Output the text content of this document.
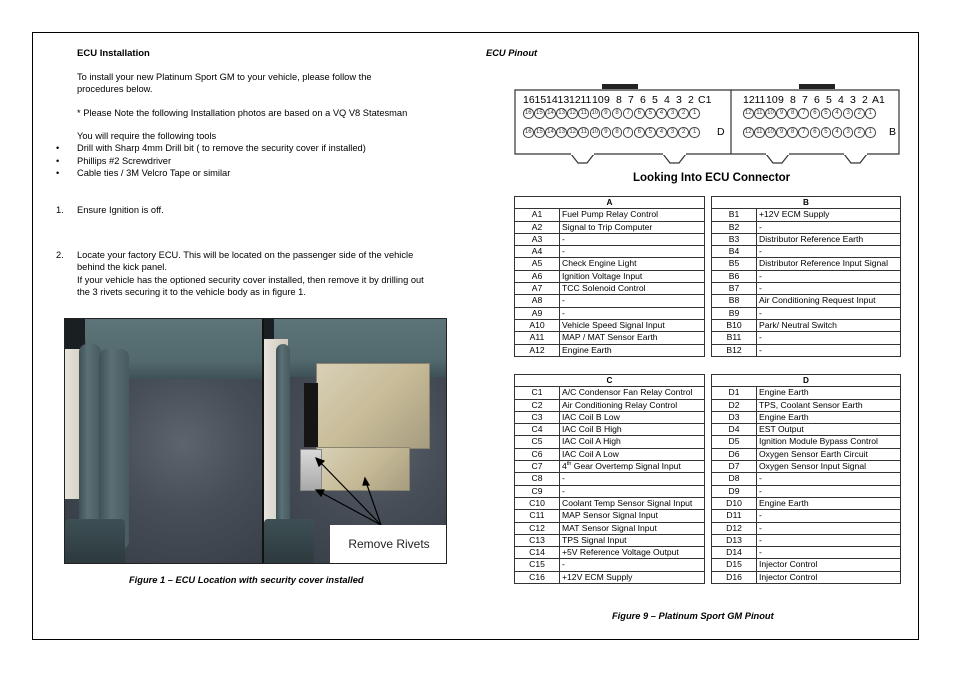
ECU Installation
To install your new Platinum Sport GM to your vehicle, please follow the
procedures below.
* Please Note the following Installation photos are based on a VQ V8 Statesman
You will require the following tools
• Drill with Sharp 4mm Drill bit ( to remove the security cover if installed)
• Phillips #2 Screwdriver
• Cable ties / 3M Velcro Tape or similar
1. Ensure Ignition is off.
2. Locate your factory ECU. This will be located on the passenger side of the vehicle
behind the kick panel.
If your vehicle has the optioned security cover installed, then remove it by drilling out
the 3 rivets securing it to the vehicle body as in figure 1.
Remove Rivets
Figure 1 – ECU Location with security cover installed
ECU Pinout
16 15 14 13 12 11 10 9 8 7 6 5 4 3 2 C1
16 15 14 13 12 11 10	9	8	7	6	5	4	3	2	1
16 15 14 13 12 11 10	9	8	7	6	5	4	3	2	1	D
12 11 10 9 8 7 6 5 4 3 2 A1
12 11 10	9	8	7	6	5	4	3	2	1
12 11 10	9	8	7	6	5	4	3	2	1	B
Looking Into ECU Connector
A	
A1	Fuel Pump Relay Control
A2	Signal to Trip Computer
A3	-
A4	-
A5	Check Engine Light
A6	Ignition Voltage Input
A7	TCC Solenoid Control
A8	-
A9	-
A10	Vehicle Speed Signal Input
A11	MAP / MAT Sensor Earth
A12	Engine Earth
B	
B1	+12V ECM Supply
B2	-
B3	Distributor Reference Earth
B4	-
B5	Distributor Reference Input Signal
B6	-
B7	-
B8	Air Conditioning Request Input
B9	-
B10	Park/ Neutral Switch
B11	-
B12	-
C	
C1	A/C Condensor Fan Relay Control
C2	Air Conditioning Relay Control
C3	IAC Coil B Low
C4	IAC Coil B High
C5	IAC Coil A High
C6	IAC Coil A Low
C7	4th Gear Overtemp Signal Input
C8	-
C9	-
C10	Coolant Temp Sensor Signal Input
C11	MAP Sensor Signal Input
C12	MAT Sensor Signal Input
C13	TPS Signal Input
C14	+5V Reference Voltage Output
C15	-
C16	+12V ECM Supply
D	
D1	Engine Earth
D2	TPS, Coolant Sensor Earth
D3	Engine Earth
D4	EST Output
D5	Ignition Module Bypass Control
D6	Oxygen Sensor Earth Circuit
D7	Oxygen Sensor Input Signal
D8	-
D9	-
D10	Engine Earth
D11	-
D12	-
D13	-
D14	-
D15	Injector Control
D16	Injector Control
Figure 9 – Platinum Sport GM Pinout
